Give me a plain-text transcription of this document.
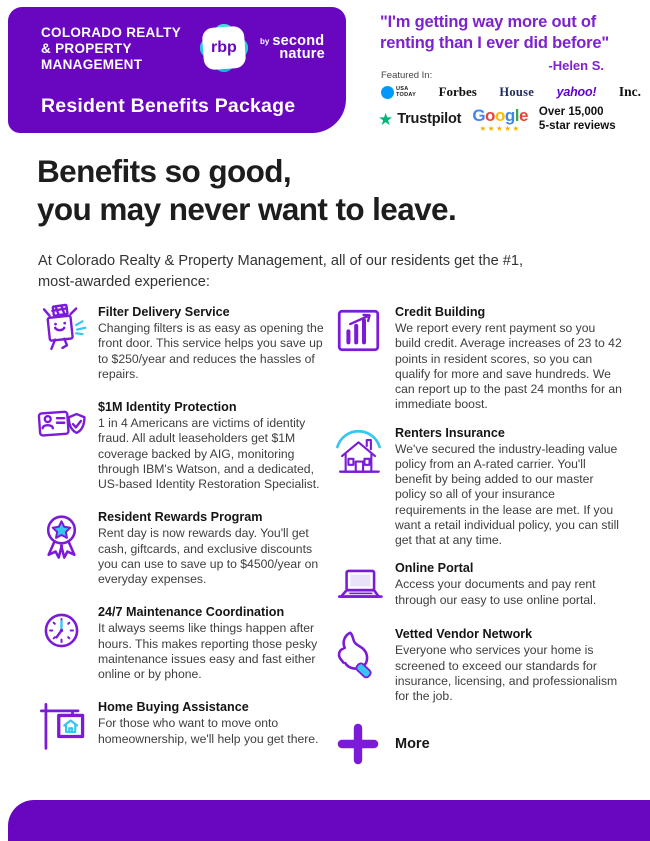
COLORADO REALTY
& PROPERTY
MANAGEMENT
rbp	by second
nature
Resident Benefits Package
"I'm getting way more out of renting than I ever did before"
-Helen S.
Featured In:
USA
TODAY Forbes House yahoo! Inc.
★ Trustpilot Google
★★★★★
Over 15,000
5-star reviews
Benefits so good,
you may never want to leave.
At Colorado Realty & Property Management, all of our residents get the #1,
most-awarded experience:
Filter Delivery Service
Changing filters is as easy as opening the front door. This service helps you save up to $250/year and reduces the hassles of repairs.
$1M Identity Protection
1 in 4 Americans are victims of identity fraud. All adult leaseholders get $1M coverage backed by AIG, monitoring through IBM's Watson, and a dedicated, US-based Identity Restoration Specialist.
Resident Rewards Program
Rent day is now rewards day. You'll get cash, giftcards, and exclusive discounts you can use to save up to $4500/year on everyday expenses.
24/7 Maintenance Coordination
It always seems like things happen after hours. This makes reporting those pesky maintenance issues easy and fast either online or by phone.
Home Buying Assistance
For those who want to move onto homeownership, we'll help you get there.
Credit Building
We report every rent payment so you build credit. Average increases of 23 to 42 points in resident scores, so you can qualify for more and save hundreds. We can report up to the past 24 months for an immediate boost.
Renters Insurance
We've secured the industry-leading value policy from an A-rated carrier. You'll benefit by being added to our master policy so all of your insurance requirements in the lease are met. If you want a retail individual policy, you can still get that at any time.
Online Portal
Access your documents and pay rent through our easy to use online portal.
Vetted Vendor Network
Everyone who services your home is screened to exceed our standards for insurance, licensing, and professionalism for the job.
More
